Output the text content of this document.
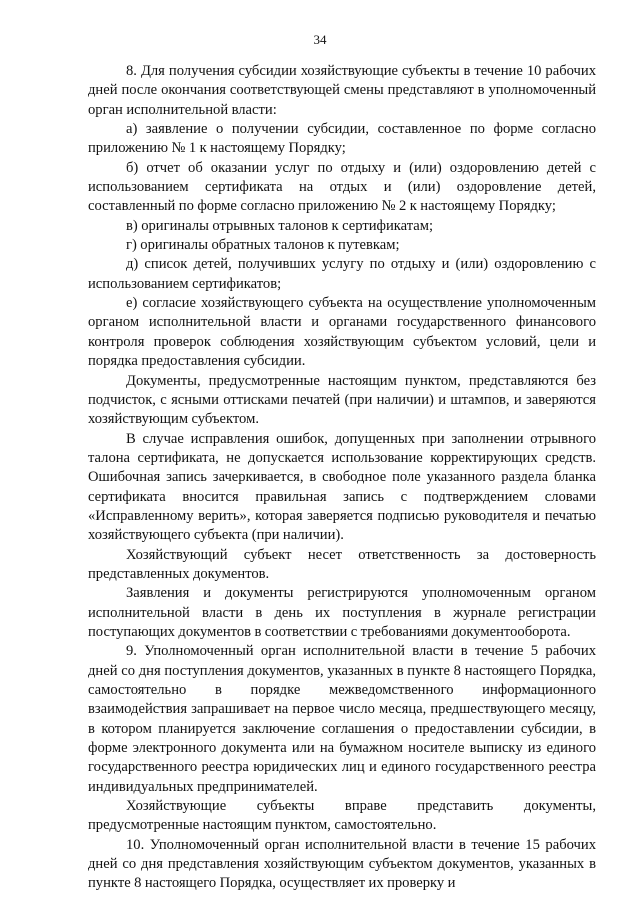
34

8. Для получения субсидии хозяйствующие субъекты в течение 10 рабочих дней после окончания соответствующей смены представляют в уполномоченный орган исполнительной власти:

а) заявление о получении субсидии, составленное по форме согласно приложению № 1 к настоящему Порядку;

б) отчет об оказании услуг по отдыху и (или) оздоровлению детей с использованием сертификата на отдых и (или) оздоровление детей, составленный по форме согласно приложению № 2 к настоящему Порядку;

в) оригиналы отрывных талонов к сертификатам;

г) оригиналы обратных талонов к путевкам;

д) список детей, получивших услугу по отдыху и (или) оздоровлению с использованием сертификатов;

е) согласие хозяйствующего субъекта на осуществление уполномоченным органом исполнительной власти и органами государственного финансового контроля проверок соблюдения хозяйствующим субъектом условий, цели и порядка предоставления субсидии.

Документы, предусмотренные настоящим пунктом, представляются без подчисток, с ясными оттисками печатей (при наличии) и штампов, и заверяются хозяйствующим субъектом.

В случае исправления ошибок, допущенных при заполнении отрывного талона сертификата, не допускается использование корректирующих средств. Ошибочная запись зачеркивается, в свободное поле указанного раздела бланка сертификата вносится правильная запись с подтверждением словами «Исправленному верить», которая заверяется подписью руководителя и печатью хозяйствующего субъекта (при наличии).

Хозяйствующий субъект несет ответственность за достоверность представленных документов.

Заявления и документы регистрируются уполномоченным органом исполнительной власти в день их поступления в журнале регистрации поступающих документов в соответствии с требованиями документооборота.

9. Уполномоченный орган исполнительной власти в течение 5 рабочих дней со дня поступления документов, указанных в пункте 8 настоящего Порядка, самостоятельно в порядке межведомственного информационного взаимодействия запрашивает на первое число месяца, предшествующего месяцу, в котором планируется заключение соглашения о предоставлении субсидии, в форме электронного документа или на бумажном носителе выписку из единого государственного реестра юридических лиц и единого государственного реестра индивидуальных предпринимателей.

Хозяйствующие субъекты вправе представить документы, предусмотренные настоящим пунктом, самостоятельно.

10. Уполномоченный орган исполнительной власти в течение 15 рабочих дней со дня представления хозяйствующим субъектом документов, указанных в пункте 8 настоящего Порядка, осуществляет их проверку и
